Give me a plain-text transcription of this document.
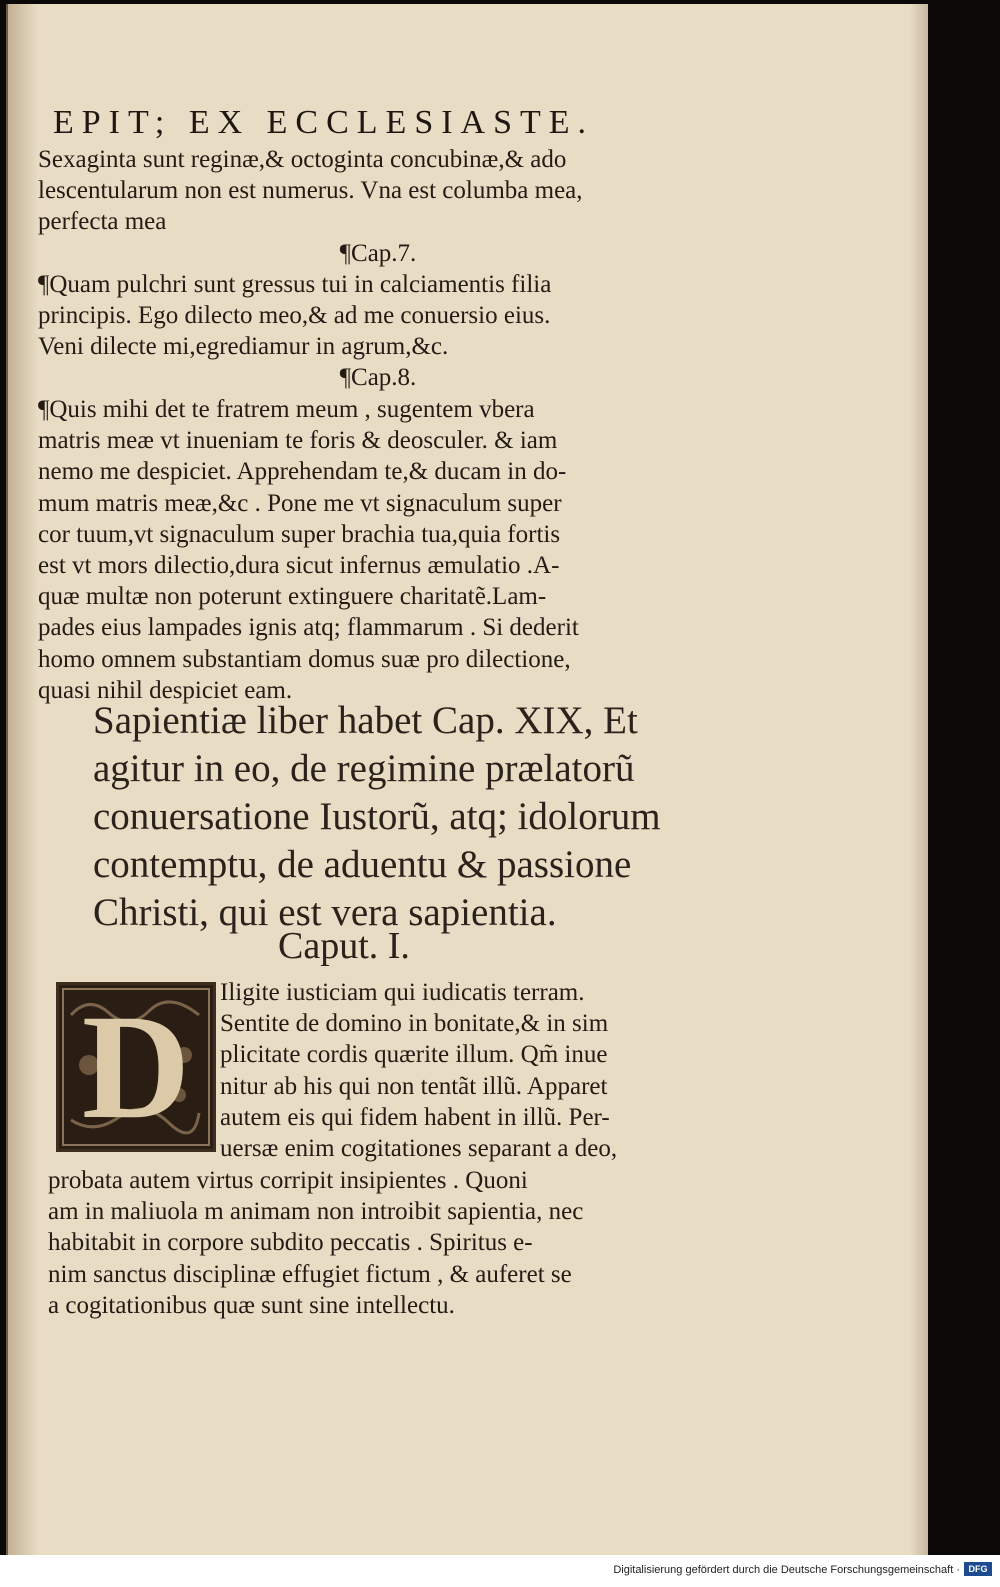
EPIT; EX ECCLESIASTE.
Sexaginta sunt reginæ,& octoginta concubinæ,& ado
lescentularum non est numerus. Vna est columba mea,
perfecta mea
¶Cap.7.
¶Quam pulchri sunt gressus tui in calciamentis filia
principis. Ego dilecto meo,& ad me conuersio eius.
Veni dilecte mi,egrediamur in agrum,&c.
¶Cap.8.
¶Quis mihi det te fratrem meum , sugentem vbera
matris meæ vt inueniam te foris & deosculer. & iam
nemo me despiciet. Apprehendam te,& ducam in do-
mum matris meæ,&c . Pone me vt signaculum super
cor tuum,vt signaculum super brachia tua,quia fortis
est vt mors dilectio,dura sicut infernus æmulatio .A-
quæ multæ non poterunt extinguere charitatẽ.Lam-
pades eius lampades ignis atq; flammarum . Si dederit
homo omnem substantiam domus suæ pro dilectione,
quasi nihil despiciet eam.
Sapientiæ liber habet Cap. XIX, Et
agitur in eo, de regimine prælatorũ
conuersatione Iustorũ, atq; idolorum
contemptu, de aduentu & passione
Christi, qui est vera sapientia.
Caput. I.
D	Iligite iusticiam qui iudicatis terram.
Sentite de domino in bonitate,& in sim
plicitate cordis quærite illum. Qm̃ inue
nitur ab his qui non tentãt illũ. Apparet
autem eis qui fidem habent in illũ. Per-
uersæ enim cogitationes separant a deo,
probata autem virtus corripit insipientes . Quoni
am in maliuola m animam non introibit sapientia, nec
habitabit in corpore subdito peccatis . Spiritus e-
nim sanctus disciplinæ effugiet fictum , & auferet se
a cogitationibus quæ sunt sine intellectu.
Digitalisierung gefördert durch die Deutsche Forschungsgemeinschaft · DFG
